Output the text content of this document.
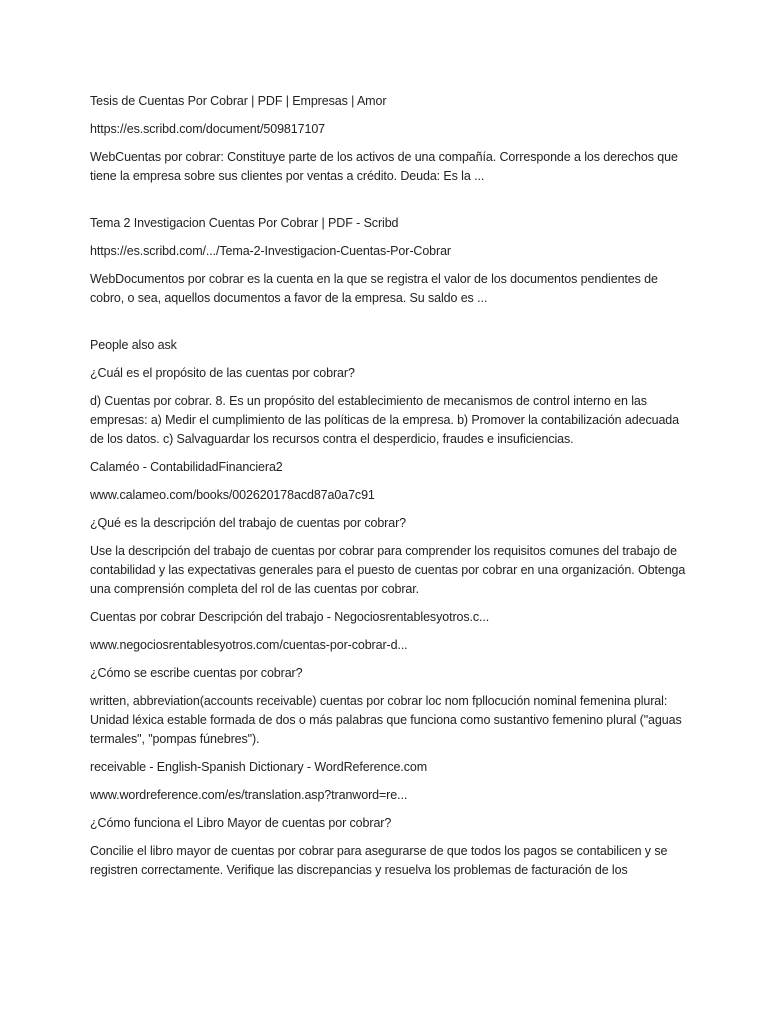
Tesis de Cuentas Por Cobrar | PDF | Empresas | Amor
https://es.scribd.com/document/509817107
WebCuentas por cobrar: Constituye parte de los activos de una compañía. Corresponde a los derechos que tiene la empresa sobre sus clientes por ventas a crédito. Deuda: Es la ...
Tema 2 Investigacion Cuentas Por Cobrar | PDF - Scribd
https://es.scribd.com/.../Tema-2-Investigacion-Cuentas-Por-Cobrar
WebDocumentos por cobrar es la cuenta en la que se registra el valor de los documentos pendientes de cobro, o sea, aquellos documentos a favor de la empresa. Su saldo es ...
People also ask
¿Cuál es el propósito de las cuentas por cobrar?
d) Cuentas por cobrar. 8. Es un propósito del establecimiento de mecanismos de control interno en las empresas: a) Medir el cumplimiento de las políticas de la empresa. b) Promover la contabilización adecuada de los datos. c) Salvaguardar los recursos contra el desperdicio, fraudes e insuficiencias.
Calaméo - ContabilidadFinanciera2
www.calameo.com/books/002620178acd87a0a7c91
¿Qué es la descripción del trabajo de cuentas por cobrar?
Use la descripción del trabajo de cuentas por cobrar para comprender los requisitos comunes del trabajo de contabilidad y las expectativas generales para el puesto de cuentas por cobrar en una organización. Obtenga una comprensión completa del rol de las cuentas por cobrar.
Cuentas por cobrar Descripción del trabajo - Negociosrentablesyotros.c...
www.negociosrentablesyotros.com/cuentas-por-cobrar-d...
¿Cómo se escribe cuentas por cobrar?
written, abbreviation(accounts receivable) cuentas por cobrar loc nom fpllocución nominal femenina plural: Unidad léxica estable formada de dos o más palabras que funciona como sustantivo femenino plural ("aguas termales", "pompas fúnebres").
receivable - English-Spanish Dictionary - WordReference.com
www.wordreference.com/es/translation.asp?tranword=re...
¿Cómo funciona el Libro Mayor de cuentas por cobrar?
Concilie el libro mayor de cuentas por cobrar para asegurarse de que todos los pagos se contabilicen y se registren correctamente. Verifique las discrepancias y resuelva los problemas de facturación de los
